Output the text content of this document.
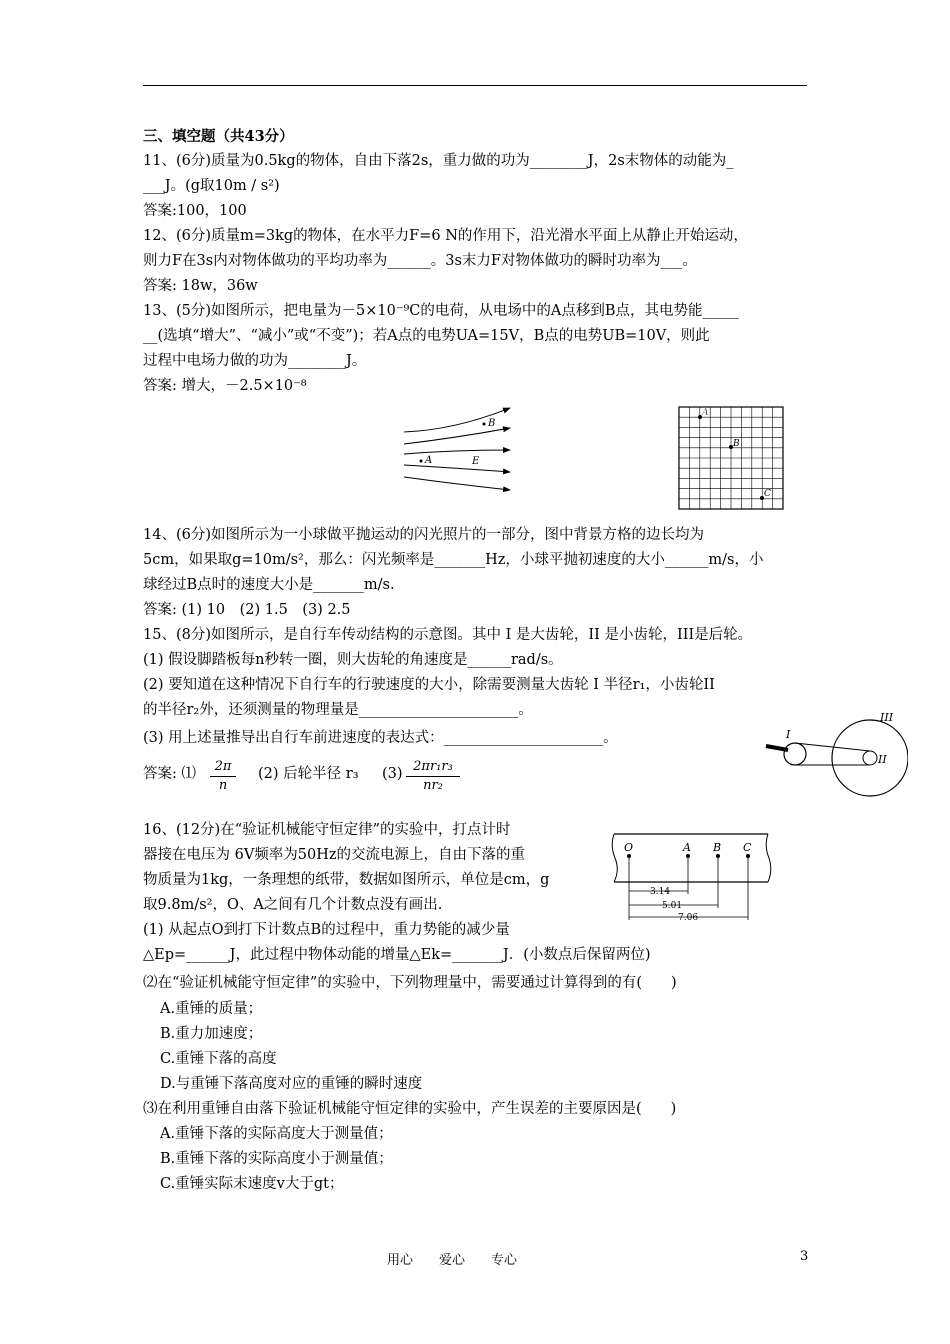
三、填空题（共43分）
11、(6分)质量为0.5kg的物体，自由下落2s，重力做的功为________J，2s末物体的动能为_
___J。(g取10m / s²)
答案:100，100
12、(6分)质量m=3kg的物体，在水平力F=6 N的作用下，沿光滑水平面上从静止开始运动，
则力F在3s内对物体做功的平均功率为______。3s末力F对物体做功的瞬时功率为___。
答案: 18w，36w
13、(5分)如图所示，把电量为－5×10⁻⁹C的电荷，从电场中的A点移到B点，其电势能_____
__(选填“增大”、“减小”或“不变”)；若A点的电势UA=15V，B点的电势UB=10V，则此
过程中电场力做的功为________J。
答案: 增大，－2.5×10⁻⁸
B
A	E
A
B
C
14、(6分)如图所示为一小球做平抛运动的闪光照片的一部分，图中背景方格的边长均为
5cm，如果取g=10m/s²，那么：闪光频率是_______Hz，小球平抛初速度的大小______m/s，小
球经过B点时的速度大小是_______m/s.
答案: (1) 10　(2) 1.5　(3) 2.5
15、(8分)如图所示，是自行车传动结构的示意图。其中 I 是大齿轮，II 是小齿轮，III是后轮。
(1) 假设脚踏板每n秒转一圈，则大齿轮的角速度是______rad/s。
(2) 要知道在这种情况下自行车的行驶速度的大小，除需要测量大齿轮 I 半径r₁，小齿轮II
的半径r₂外，还须测量的物理量是______________________。
(3) 用上述量推导出自行车前进速度的表达式：______________________。
答案: ⑴ $\frac{2\pi}{n} (2)$ 后轮半径 r₃ $(3) \frac{\text{2πr₁r₃}}{\text{nr₂}}$
I
II
III
16、(12分)在“验证机械能守恒定律”的实验中，打点计时
器接在电压为 6V频率为50Hz的交流电源上，自由下落的重
物质量为1kg，一条理想的纸带，数据如图所示，单位是cm，g
取9.8m/s²，O、A之间有几个计数点没有画出.
(1) 从起点O到打下计数点B的过程中，重力势能的减少量
△Ep=______J，此过程中物体动能的增量△Ek=_______J．(小数点后保留两位)
O	A B C
3.14
5.01
7.06
⑵在“验证机械能守恒定律”的实验中，下列物理量中，需要通过计算得到的有(　　)
A.重锤的质量；
B.重力加速度；
C.重锤下落的高度
D.与重锤下落高度对应的重锤的瞬时速度
⑶在利用重锤自由落下验证机械能守恒定律的实验中，产生误差的主要原因是(　　)
A.重锤下落的实际高度大于测量值；
B.重锤下落的实际高度小于测量值；
C.重锤实际末速度v大于gt；
用心　　爱心　　专心	3
